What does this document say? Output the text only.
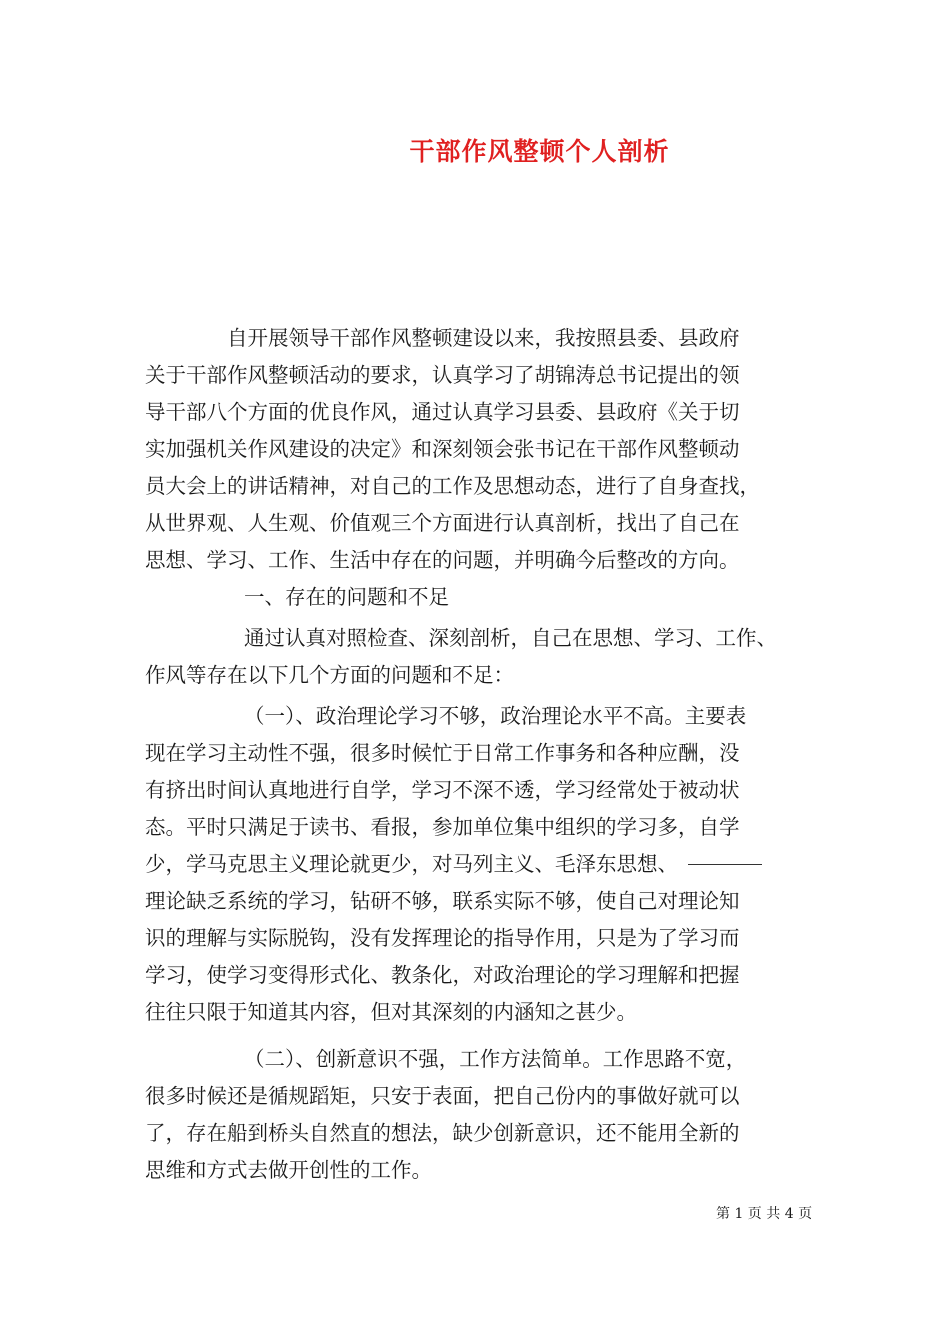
干部作风整顿个人剖析
自开展领导干部作风整顿建设以来，我按照县委、县政府
关于干部作风整顿活动的要求，认真学习了胡锦涛总书记提出的领
导干部八个方面的优良作风，通过认真学习县委、县政府《关于切
实加强机关作风建设的决定》和深刻领会张书记在干部作风整顿动
员大会上的讲话精神，对自己的工作及思想动态，进行了自身查找，
从世界观、人生观、价值观三个方面进行认真剖析，找出了自己在
思想、学习、工作、生活中存在的问题，并明确今后整改的方向。
一、存在的问题和不足
通过认真对照检查、深刻剖析，自己在思想、学习、工作、
作风等存在以下几个方面的问题和不足：
（一）、政治理论学习不够，政治理论水平不高。主要表
现在学习主动性不强，很多时候忙于日常工作事务和各种应酬，没
有挤出时间认真地进行自学，学习不深不透，学习经常处于被动状
态。平时只满足于读书、看报，参加单位集中组织的学习多，自学
少，学马克思主义理论就更少，对马列主义、毛泽东思想、
理论缺乏系统的学习，钻研不够，联系实际不够，使自己对理论知
识的理解与实际脱钩，没有发挥理论的指导作用，只是为了学习而
学习，使学习变得形式化、教条化，对政治理论的学习理解和把握
往往只限于知道其内容，但对其深刻的内涵知之甚少。
（二）、创新意识不强，工作方法简单。工作思路不宽，
很多时候还是循规蹈矩，只安于表面，把自己份内的事做好就可以
了，存在船到桥头自然直的想法，缺少创新意识，还不能用全新的
思维和方式去做开创性的工作。
第 1 页 共 4 页
